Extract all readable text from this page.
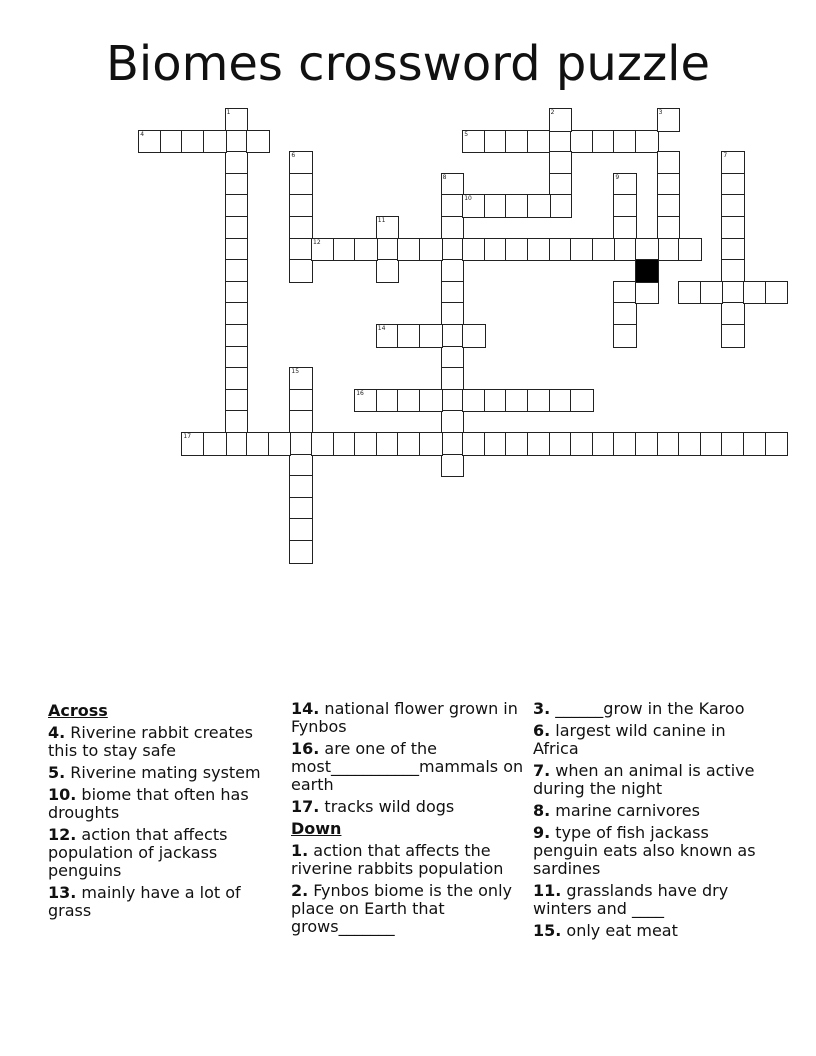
Biomes crossword puzzle
1
4	5
2	3
6	7
8	9
10
11
12
14
15
16
17
Across
4. Riverine rabbit creates this to stay safe
5. Riverine mating system
10. biome that often has droughts
12. action that affects population of jackass penguins
13. mainly have a lot of grass
14. national flower grown in Fynbos
16. are one of the most___________mammals on earth
17. tracks wild dogs
Down
1. action that affects the riverine rabbits population
2. Fynbos biome is the only place on Earth that grows_______
3. ______grow in the Karoo
6. largest wild canine in Africa
7. when an animal is active during the night
8. marine carnivores
9. type of fish jackass penguin eats also known as sardines
11. grasslands have dry winters and ____
15. only eat meat
